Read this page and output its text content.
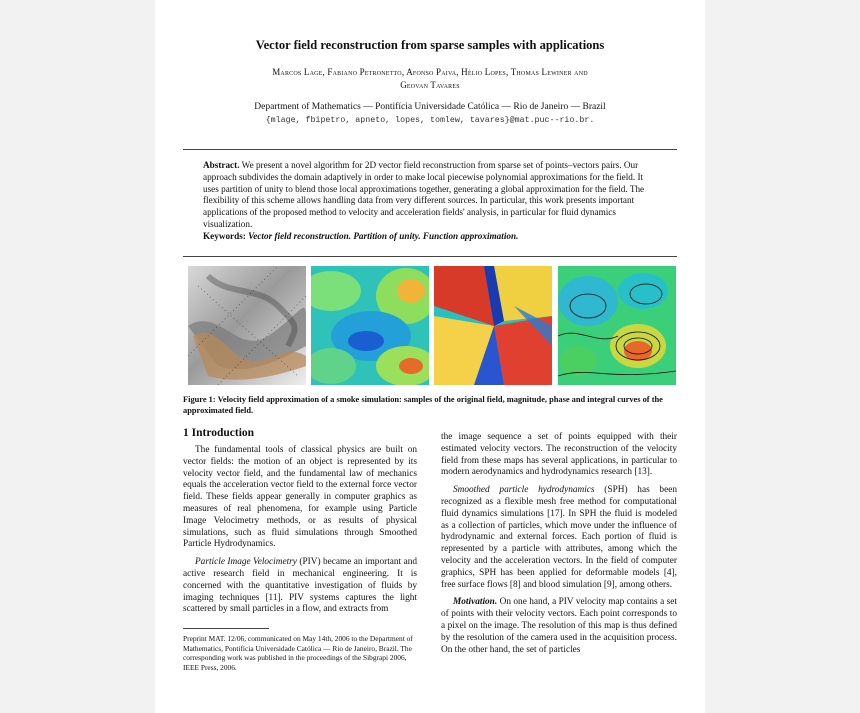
Vector field reconstruction from sparse samples with applications
Marcos Lage, Fabiano Petronetto, Afonso Paiva, Hélio Lopes, Thomas Lewiner and
Geovan Tavares
Department of Mathematics — Pontifícia Universidade Católica — Rio de Janeiro — Brazil
{mlage, fbipetro, apneto, lopes, tomlew, tavares}@mat.puc--rio.br.

Abstract. We present a novel algorithm for 2D vector field reconstruction from sparse set of points–vectors pairs. Our approach subdivides the domain adaptively in order to make local piecewise polynomial approximations for the field. It uses partition of unity to blend those local approximations together, generating a global approximation for the field. The flexibility of this scheme allows handling data from very different sources. In particular, this work presents important applications of the proposed method to velocity and acceleration fields' analysis, in particular for fluid dynamics visualization.

Keywords: Vector field reconstruction. Partition of unity. Function approximation.

Figure 1: Velocity field approximation of a smoke simulation: samples of the original field, magnitude, phase and integral curves of the approximated field.
1 Introduction

The fundamental tools of classical physics are built on vector fields: the motion of an object is represented by its velocity vector field, and the fundamental law of mechanics equals the acceleration vector field to the external force vector field. These fields appear generally in computer graphics as measures of real phenomena, for example using Particle Image Velocimetry methods, or as results of physical simulations, such as fluid simulations through Smoothed Particle Hydrodynamics.

Particle Image Velocimetry (PIV) became an important and active research field in mechanical engineering. It is concerned with the quantitative investigation of fluids by imaging techniques [11]. PIV systems captures the light scattered by small particles in a flow, and extracts from

Preprint MAT. 12/06, communicated on May 14th, 2006 to the Department of Mathematics, Pontifícia Universidade Católica — Rio de Janeiro, Brazil. The corresponding work was published in the proceedings of the Sibgrapi 2006, IEEE Press, 2006.

the image sequence a set of points equipped with their estimated velocity vectors. The reconstruction of the velocity field from these maps has several applications, in particular to modern aerodynamics and hydrodynamics research [13].

Smoothed particle hydrodynamics (SPH) has been recognized as a flexible mesh free method for computational fluid dynamics simulations [17]. In SPH the fluid is modeled as a collection of particles, which move under the influence of hydrodynamic and external forces. Each portion of fluid is represented by a particle with attributes, among which the velocity and the acceleration vectors. In the field of computer graphics, SPH has been applied for deformable models [4], free surface flows [8] and blood simulation [9], among others.

Motivation. On one hand, a PIV velocity map contains a set of points with their velocity vectors. Each point corresponds to a pixel on the image. The resolution of this map is thus defined by the resolution of the camera used in the acquisition process. On the other hand, the set of particles
